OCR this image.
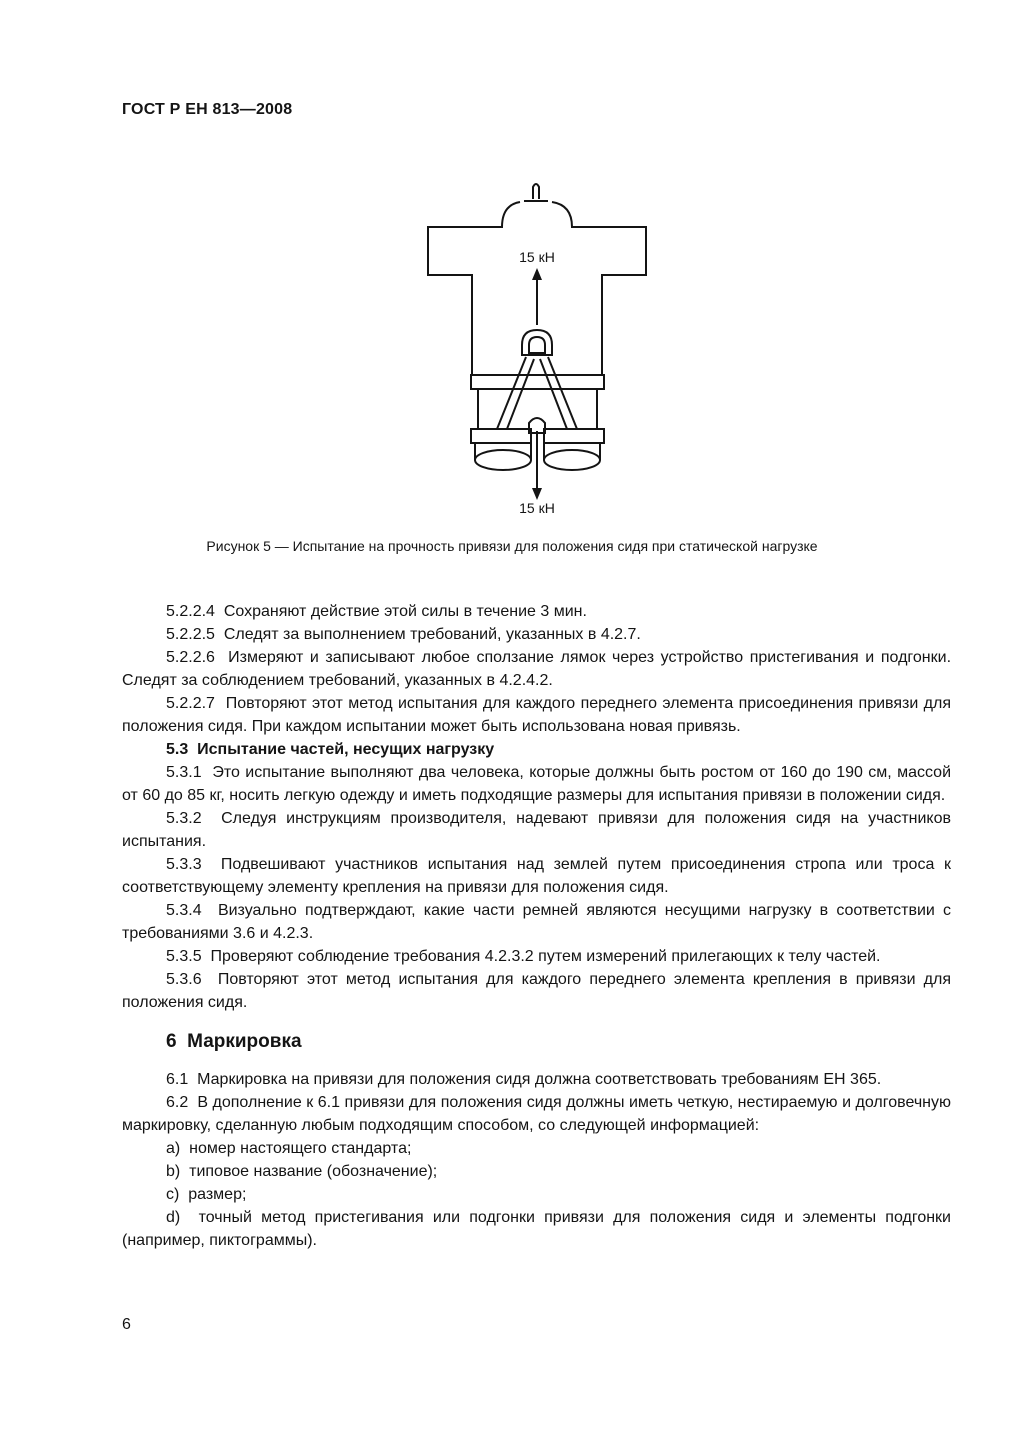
ГОСТ Р ЕН 813—2008
15 кН
15 кН
Рисунок 5 — Испытание на прочность привязи для положения сидя при статической нагрузке

5.2.2.4 Сохраняют действие этой силы в течение 3 мин.

5.2.2.5 Следят за выполнением требований, указанных в 4.2.7.

5.2.2.6 Измеряют и записывают любое сползание лямок через устройство пристегивания и подгонки. Следят за соблюдением требований, указанных в 4.2.4.2.

5.2.2.7 Повторяют этот метод испытания для каждого переднего элемента присоединения привязи для положения сидя. При каждом испытании может быть использована новая привязь.

5.3 Испытание частей, несущих нагрузку

5.3.1 Это испытание выполняют два человека, которые должны быть ростом от 160 до 190 см, массой от 60 до 85 кг, носить легкую одежду и иметь подходящие размеры для испытания привязи в положении сидя.

5.3.2 Следуя инструкциям производителя, надевают привязи для положения сидя на участников испытания.

5.3.3 Подвешивают участников испытания над землей путем присоединения стропа или троса к соответствующему элементу крепления на привязи для положения сидя.

5.3.4 Визуально подтверждают, какие части ремней являются несущими нагрузку в соответствии с требованиями 3.6 и 4.2.3.

5.3.5 Проверяют соблюдение требования 4.2.3.2 путем измерений прилегающих к телу частей.

5.3.6 Повторяют этот метод испытания для каждого переднего элемента крепления в привязи для положения сидя.

6 Маркировка

6.1 Маркировка на привязи для положения сидя должна соответствовать требованиям ЕН 365.

6.2 В дополнение к 6.1 привязи для положения сидя должны иметь четкую, нестираемую и долговечную маркировку, сделанную любым подходящим способом, со следующей информацией:

а) номер настоящего стандарта;

b) типовое название (обозначение);

с) размер;

d) точный метод пристегивания или подгонки привязи для положения сидя и элементы подгонки (например, пиктограммы).

6
